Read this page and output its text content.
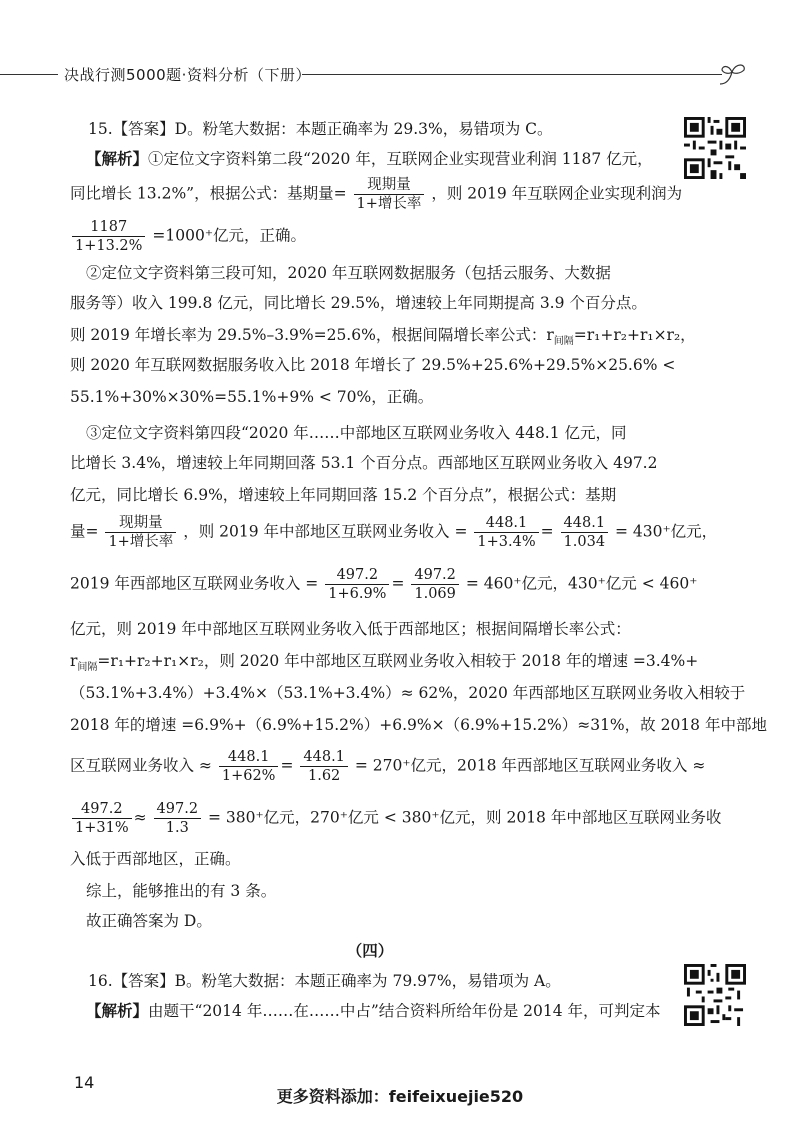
决战行测5000题·资料分析（下册）
15.【答案】D。粉笔大数据：本题正确率为 29.3%，易错项为 C。
【解析】①定位文字资料第二段“2020 年，互联网企业实现营业利润 1187 亿元，
同比增长 13.2%”，根据公式：基期量= $\frac{\text{现期量}}{\text{1+增长率}}$ ，则 2019 年互联网企业实现利润为
$\frac{1187}{1+13.2\%} =1000^+$亿元，正确。
②定位文字资料第三段可知，2020 年互联网数据服务（包括云服务、大数据
服务等）收入 199.8 亿元，同比增长 29.5%，增速较上年同期提高 3.9 个百分点。
则 2019 年增长率为 29.5%–3.9%=25.6%，根据间隔增长率公式：$r_{间隔}=r_1+r_2+r_1\times r_2$，
则 2020 年互联网数据服务收入比 2018 年增长了 29.5%+25.6%+29.5%×25.6% <
55.1%+30%×30%=55.1%+9% < 70%，正确。
③定位文字资料第四段“2020 年……中部地区互联网业务收入 448.1 亿元，同
比增长 3.4%，增速较上年同期回落 53.1 个百分点。西部地区互联网业务收入 497.2
亿元，同比增长 6.9%，增速较上年同期回落 15.2 个百分点”，根据公式：基期
量= $\frac{\text{现期量}}{\text{1+增长率}}$ ，则 2019 年中部地区互联网业务收入 = $\frac{448.1}{1+3.4\%} = \frac{448.1}{1.034} = 430^+$亿元，
2019 年西部地区互联网业务收入 = $\frac{497.2}{1+6.9\%} = \frac{497.2}{1.069} = 460^+$亿元，430⁺亿元 < 460⁺
亿元，则 2019 年中部地区互联网业务收入低于西部地区；根据间隔增长率公式：
$r_{间隔}=r_1+r_2+r_1\times r_2$，则 2020 年中部地区互联网业务收入相较于 2018 年的增速 =3.4%+
（53.1%+3.4%）+3.4%×（53.1%+3.4%）≈ 62%，2020 年西部地区互联网业务收入相较于
2018 年的增速 =6.9%+（6.9%+15.2%）+6.9%×（6.9%+15.2%）≈31%，故 2018 年中部地
区互联网业务收入 ≈ $\frac{448.1}{1+62\%} = \frac{448.1}{1.62} = 270^+$亿元，2018 年西部地区互联网业务收入 ≈
$\frac{497.2}{1+31\%} \approx \frac{497.2}{1.3} = 380^+$亿元，270⁺亿元 < 380⁺亿元，则 2018 年中部地区互联网业务收
入低于西部地区，正确。
综上，能够推出的有 3 条。
故正确答案为 D。
（四）
16.【答案】B。粉笔大数据：本题正确率为 79.97%，易错项为 A。
【解析】由题干“2014 年……在……中占”结合资料所给年份是 2014 年，可判定本
14
更多资料添加：feifeixuejie520
